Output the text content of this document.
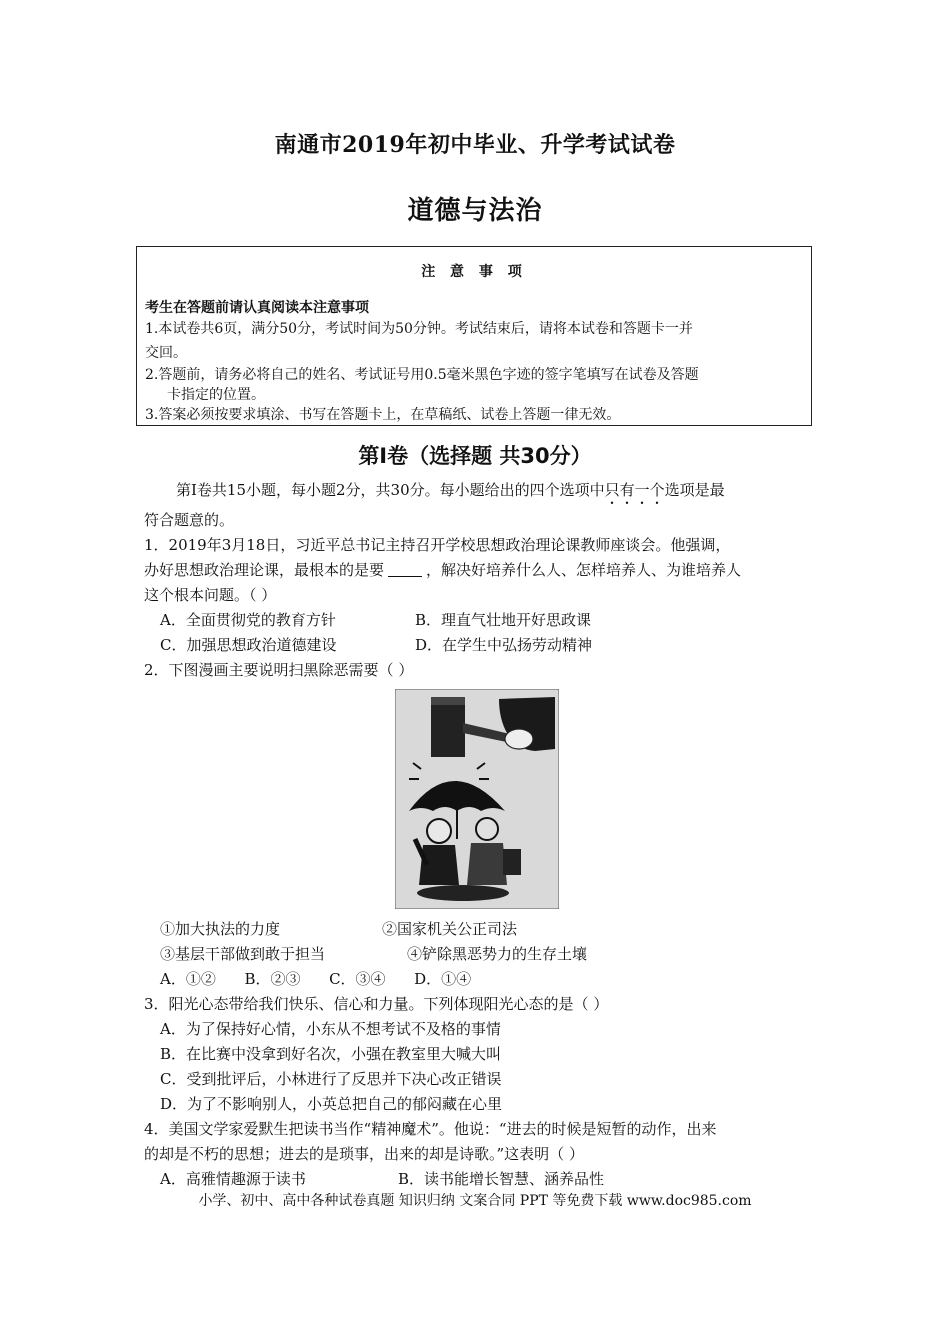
南通市2019年初中毕业、升学考试试卷
道德与法治
注 意 事 项
考生在答题前请认真阅读本注意事项
1.本试卷共6页，满分50分，考试时间为50分钟。考试结束后，请将本试卷和答题卡一并
交回。
2.答题前，请务必将自己的姓名、考试证号用0.5毫米黑色字迹的签字笔填写在试卷及答题
卡指定的位置。
3.答案必须按要求填涂、书写在答题卡上，在草稿纸、试卷上答题一律无效。
第Ⅰ卷（选择题 共30分）
第Ⅰ卷共15小题，每小题2分，共30分。每小题给出的四个选项中只有一个选项是最
符合题意的。
1．2019年3月18日，习近平总书记主持召开学校思想政治理论课教师座谈会。他强调，
办好思想政治理论课，最根本的是要	，解决好培养什么人、怎样培养人、为谁培养人
这个根本问题。（ ）
A．全面贯彻党的教育方针	B．理直气壮地开好思政课
C．加强思想政治道德建设	D．在学生中弘扬劳动精神
2．下图漫画主要说明扫黑除恶需要（ ）
①加大执法的力度	②国家机关公正司法
③基层干部做到敢于担当	④铲除黑恶势力的生存土壤
A．①②      B．②③      C．③④      D．①④
3．阳光心态带给我们快乐、信心和力量。下列体现阳光心态的是（ ）
A．为了保持好心情，小东从不想考试不及格的事情
B．在比赛中没拿到好名次，小强在教室里大喊大叫
C．受到批评后，小林进行了反思并下决心改正错误
D．为了不影响别人，小英总把自己的郁闷藏在心里
4．美国文学家爱默生把读书当作“精神魔术”。他说：“进去的时候是短暂的动作，出来
的却是不朽的思想；进去的是琐事，出来的却是诗歌。”这表明（ ）
A．高雅情趣源于读书	B．读书能增长智慧、涵养品性
小学、初中、高中各种试卷真题 知识归纳 文案合同 PPT 等免费下载 www.doc985.com
